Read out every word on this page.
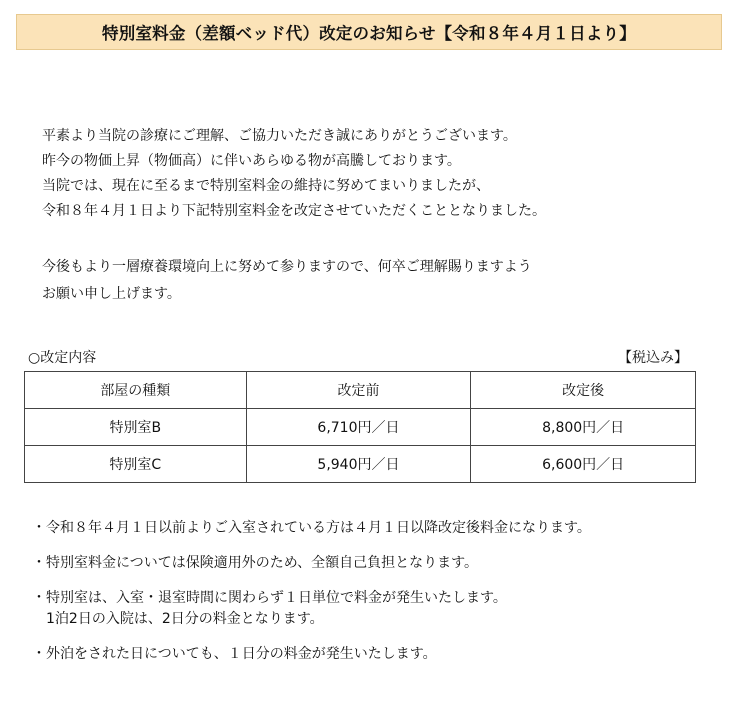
特別室料金（差額ベッド代）改定のお知らせ【令和８年４月１日より】
平素より当院の診療にご理解、ご協力いただき誠にありがとうございます。
昨今の物価上昇（物価高）に伴いあらゆる物が高騰しております。
当院では、現在に至るまで特別室料金の維持に努めてまいりましたが、
令和８年４月１日より下記特別室料金を改定させていただくこととなりました。
今後もより一層療養環境向上に努めて参りますので、何卒ご理解賜りますよう
お願い申し上げます。
○改定内容	【税込み】
部屋の種類	改定前	改定後
特別室B	6,710円／日	8,800円／日
特別室C	5,940円／日	6,600円／日
・ 令和８年４月１日以前よりご入室されている方は４月１日以降改定後料金になります。
・ 特別室料金については保険適用外のため、全額自己負担となります。
・ 特別室は、入室・退室時間に関わらず１日単位で料金が発生いたします。
1泊2日の入院は、2日分の料金となります。
・ 外泊をされた日についても、１日分の料金が発生いたします。
